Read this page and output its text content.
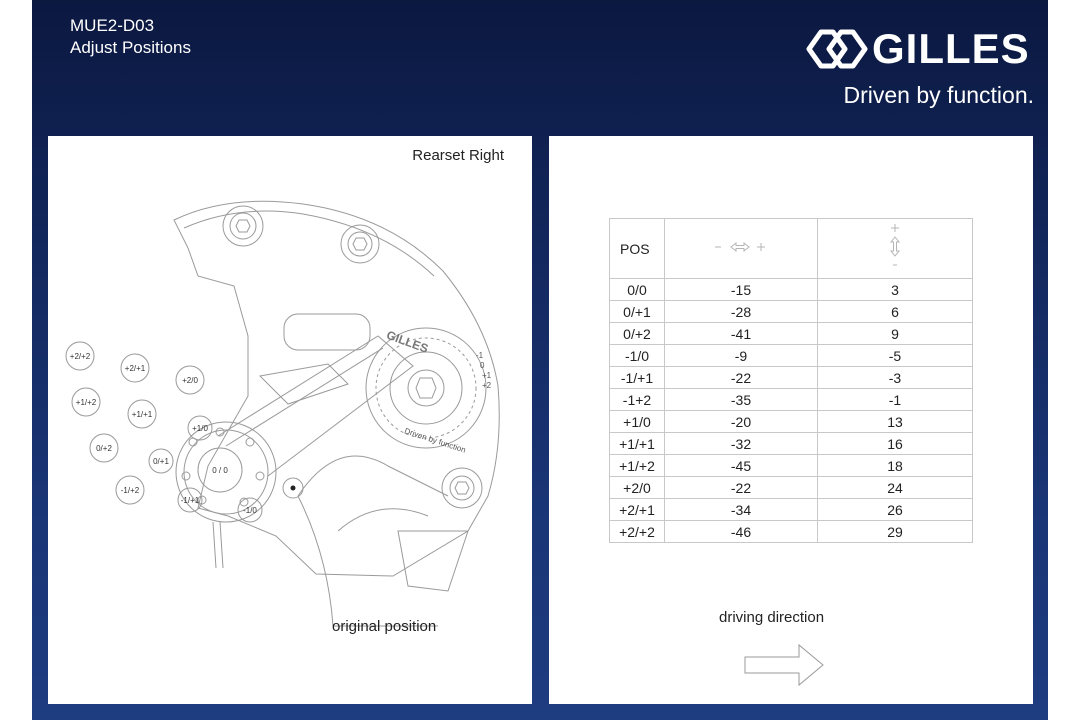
MUE2-D03
Adjust Positions	GILLES
Driven by function.
Rearset Right
GILLES
Driven by function
-1
0
+1
+2
+2/+2
+2/+1
+2/0
+1/+2
+1/+1
0/+2
-1/+2
+1/0
0/+1
0 / 0
-1/+1
-1/0
original position
POS		
0/0	-15	3
0/+1	-28	6
0/+2	-41	9
-1/0	-9	-5
-1/+1	-22	-3
-1+2	-35	-1
+1/0	-20	13
+1/+1	-32	16
+1/+2	-45	18
+2/0	-22	24
+2/+1	-34	26
+2/+2	-46	29
driving direction
